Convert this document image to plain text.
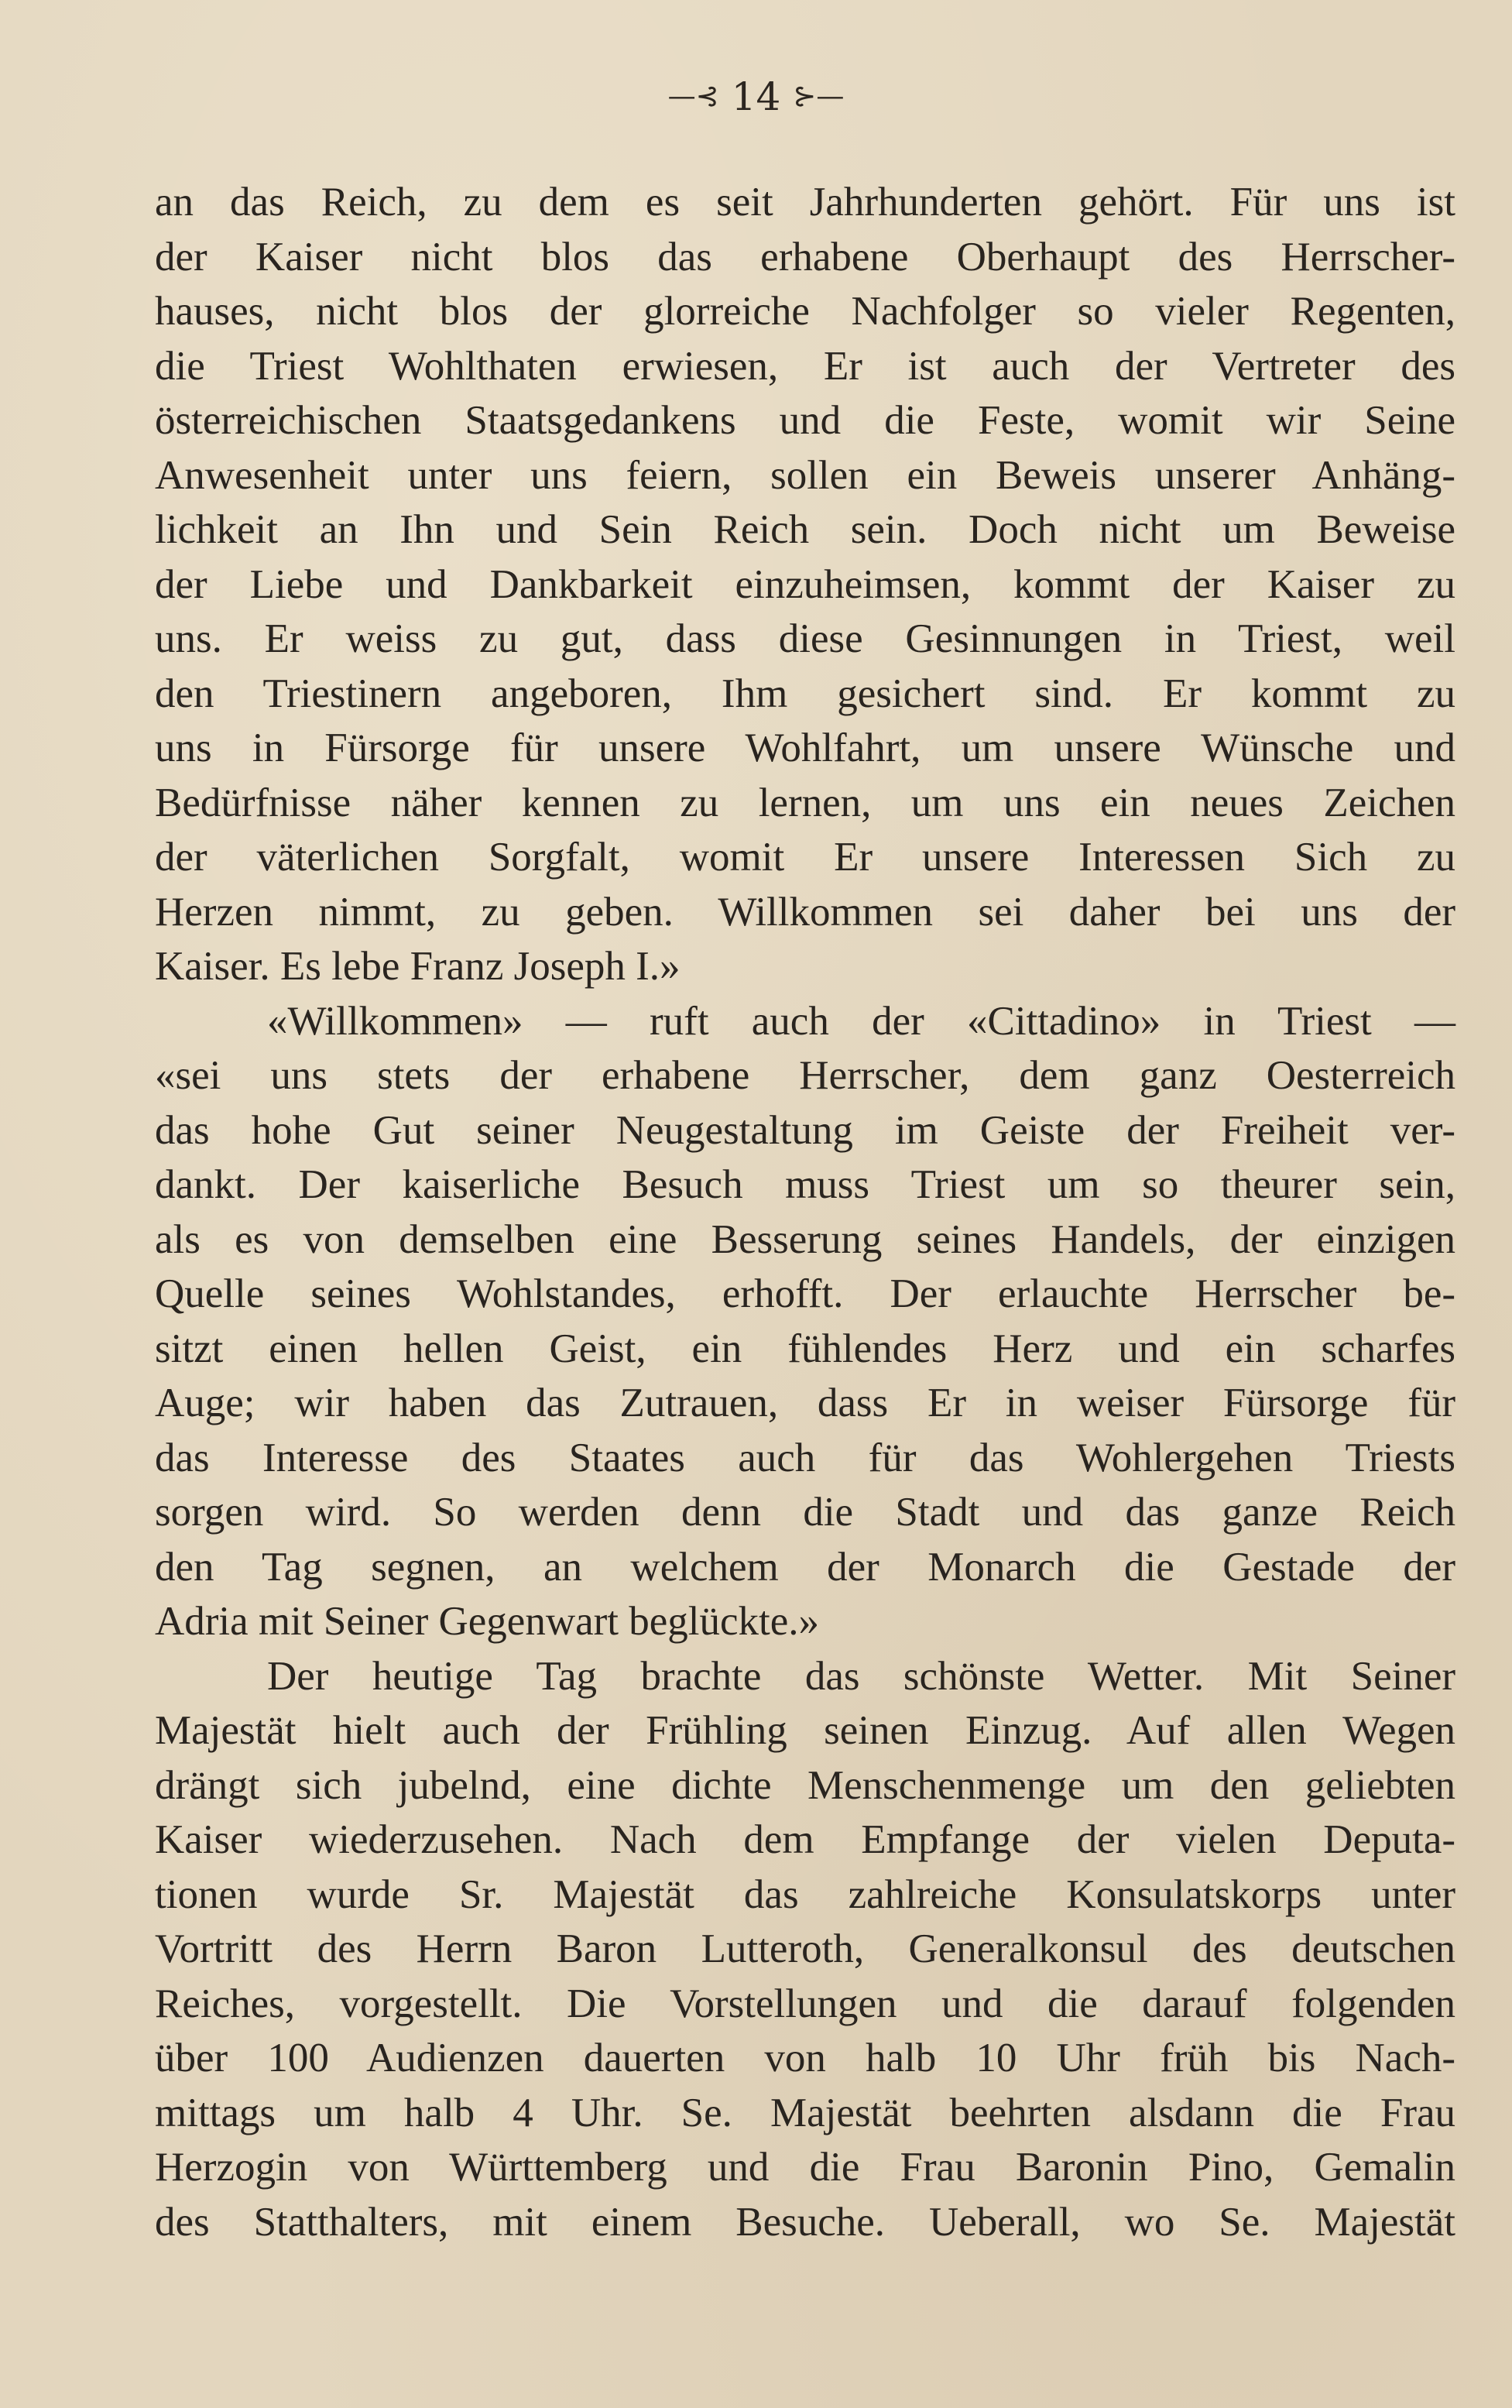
—⊰ 14 ⊱—
an das Reich, zu dem es seit Jahrhunderten gehört. Für uns ist
der Kaiser nicht blos das erhabene Oberhaupt des Herrscher-
hauses, nicht blos der glorreiche Nachfolger so vieler Regenten,
die Triest Wohlthaten erwiesen, Er ist auch der Vertreter des
österreichischen Staatsgedankens und die Feste, womit wir Seine
Anwesenheit unter uns feiern, sollen ein Beweis unserer Anhäng-
lichkeit an Ihn und Sein Reich sein. Doch nicht um Beweise
der Liebe und Dankbarkeit einzuheimsen, kommt der Kaiser zu
uns. Er weiss zu gut, dass diese Gesinnungen in Triest, weil
den Triestinern angeboren, Ihm gesichert sind. Er kommt zu
uns in Fürsorge für unsere Wohlfahrt, um unsere Wünsche und
Bedürfnisse näher kennen zu lernen, um uns ein neues Zeichen
der väterlichen Sorgfalt, womit Er unsere Interessen Sich zu
Herzen nimmt, zu geben. Willkommen sei daher bei uns der
Kaiser. Es lebe Franz Joseph I.»
«Willkommen» — ruft auch der «Cittadino» in Triest —
«sei uns stets der erhabene Herrscher, dem ganz Oesterreich
das hohe Gut seiner Neugestaltung im Geiste der Freiheit ver-
dankt. Der kaiserliche Besuch muss Triest um so theurer sein,
als es von demselben eine Besserung seines Handels, der einzigen
Quelle seines Wohlstandes, erhofft. Der erlauchte Herrscher be-
sitzt einen hellen Geist, ein fühlendes Herz und ein scharfes
Auge; wir haben das Zutrauen, dass Er in weiser Fürsorge für
das Interesse des Staates auch für das Wohlergehen Triests
sorgen wird. So werden denn die Stadt und das ganze Reich
den Tag segnen, an welchem der Monarch die Gestade der
Adria mit Seiner Gegenwart beglückte.»
Der heutige Tag brachte das schönste Wetter. Mit Seiner
Majestät hielt auch der Frühling seinen Einzug. Auf allen Wegen
drängt sich jubelnd, eine dichte Menschenmenge um den geliebten
Kaiser wiederzusehen. Nach dem Empfange der vielen Deputa-
tionen wurde Sr. Majestät das zahlreiche Konsulatskorps unter
Vortritt des Herrn Baron Lutteroth, Generalkonsul des deutschen
Reiches, vorgestellt. Die Vorstellungen und die darauf folgenden
über 100 Audienzen dauerten von halb 10 Uhr früh bis Nach-
mittags um halb 4 Uhr. Se. Majestät beehrten alsdann die Frau
Herzogin von Württemberg und die Frau Baronin Pino, Gemalin
des Statthalters, mit einem Besuche. Ueberall, wo Se. Majestät
